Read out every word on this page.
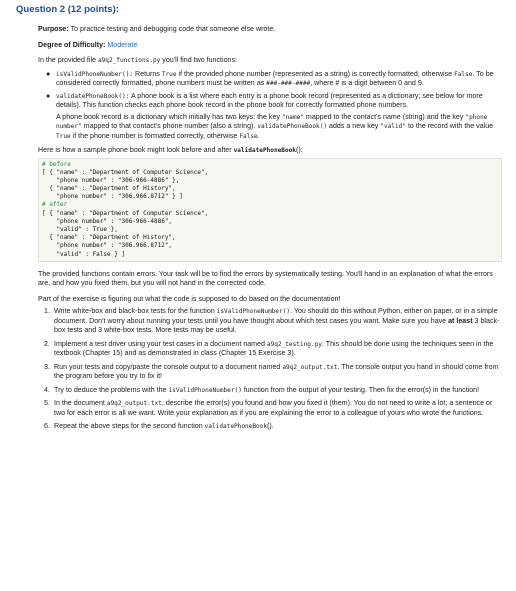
Question 2 (12 points):

Purpose: To practice testing and debugging code that someone else wrote.

Degree of Difficulty: Moderate

In the provided file a9q2_functions.py you'll find two functions:

● isValidPhoneNumber(): Returns True if the provided phone number (represented as a string) is correctly formatted, otherwise False. To be considered correctly formatted, phone numbers must be written as ###-###-####, where # is a digit between 0 and 9.
● validatePhoneBook(): A phone book is a list where each entry is a phone book record (represented as a dictionary; see below for more details). This function checks each phone book record in the phone book for correctly formatted phone numbers.
A phone book record is a dictionary which initially has two keys: the key "name" mapped to the contact's name (string) and the key "phone number" mapped to that contact's phone number (also a string). validatePhoneBook() adds a new key "valid" to the record with the value True if the phone number is formatted correctly, otherwise False.

Here is how a sample phone book might look before and after validatePhoneBook():

# before
[ { "name" : "Department of Computer Science",
"phone number" : "306-966-4886" },
{ "name" : "Department of History",
"phone number" : "306.966.8712" } ]
# after
[ { "name" : "Department of Computer Science",
"phone number" : "306-966-4886",
"valid" : True },
{ "name" : "Department of History",
"phone number" : "306.966.8712",
"valid" : False } ]

The provided functions contain errors. Your task will be to find the errors by systematically testing. You'll hand in an explanation of what the errors are, and how you fixed them, but you will not hand in the corrected code.

Part of the exercise is figuring out what the code is supposed to do based on the documentation!

1. Write white-box and black-box tests for the function isValidPhoneNumber(). You should do this without Python, either on paper, or in a simple document. Don't worry about running your tests until you have thought about which test cases you want. Make sure you have at least 3 black-box tests and 3 white-box tests. More tests may be useful.
2. Implement a test driver using your test cases in a document named a9q2_testing.py. This should be done using the techniques seen in the textbook (Chapter 15) and as demonstrated in class (Chapter 15 Exercise 3).
3. Run your tests and copy/paste the console output to a document named a9q2_output.txt. The console output you hand in should come from the program before you try to fix it!
4. Try to deduce the problems with the isValidPhoneNumber() function from the output of your testing. Then fix the error(s) in the function!
5. In the document a9q2_output.txt, describe the error(s) you found and how you fixed it (them). You do not need to write a lot; a sentence or two for each error is all we want. Write your explanation as if you are explaining the error to a colleague of yours who wrote the functions.
6. Repeat the above steps for the second function validatePhoneBook().
